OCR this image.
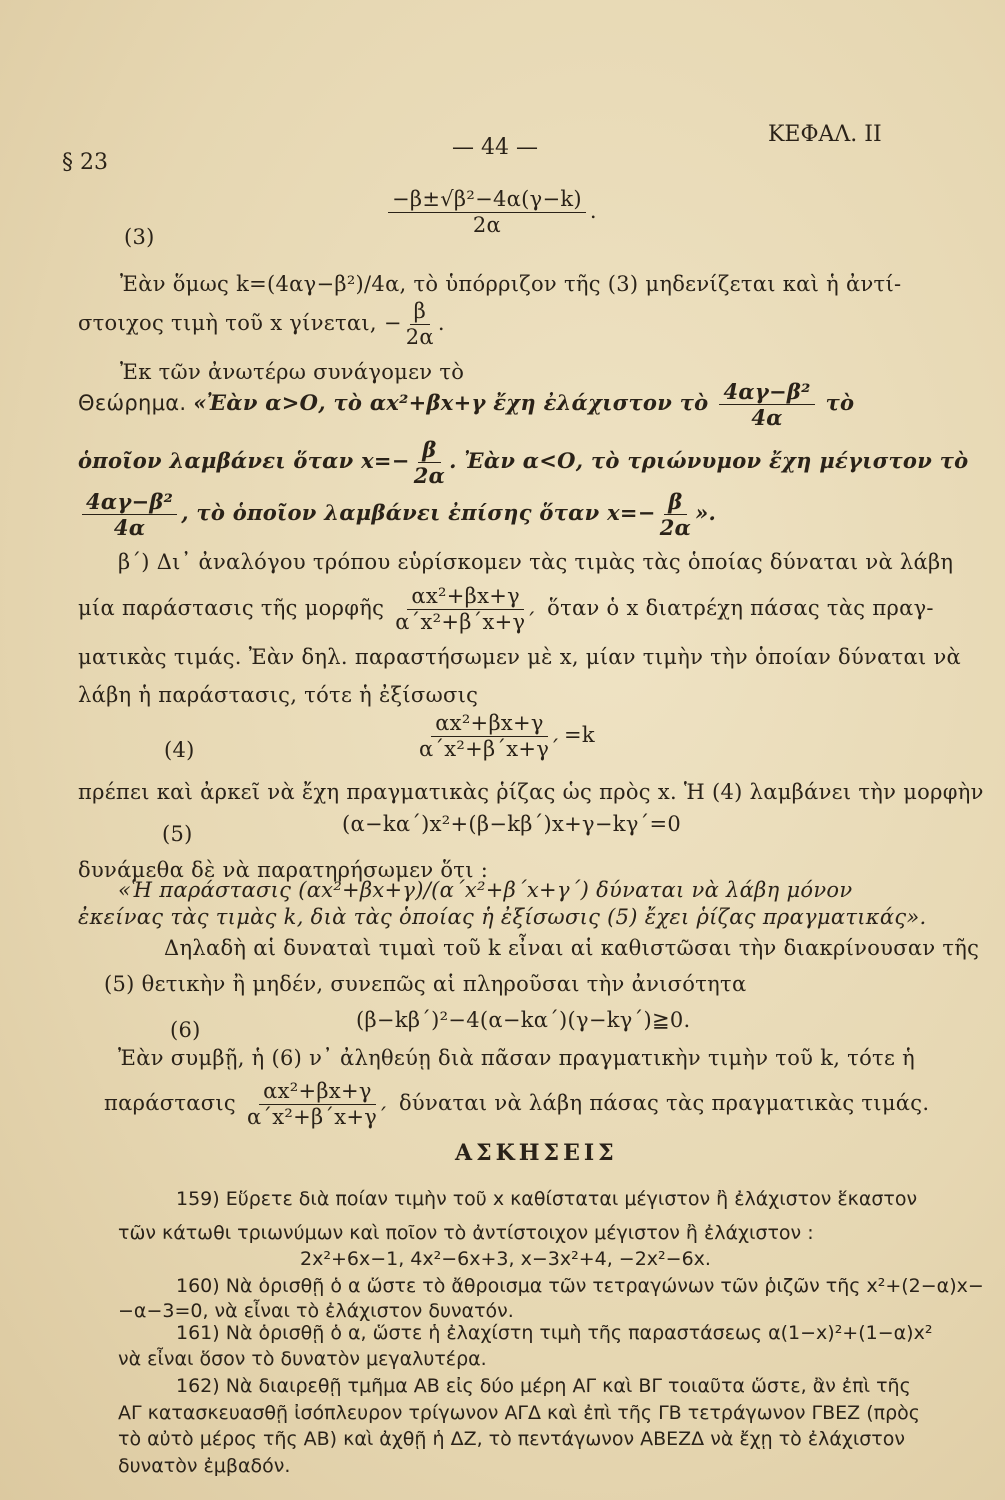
§ 23
— 44 —
ΚΕΦΑΛ. ΙΙ
(3)	$\frac{\text{−β±√β²−4α(γ−k)}}{2\alpha}$ .
Ἐὰν ὅμως k=(4αγ−β²)/4α, τὸ ὑπόρριζον τῆς (3) μηδενίζεται καὶ ἡ ἀντί-
στοιχος τιμὴ τοῦ x γίνεται, − $\frac{\beta}{2\alpha}$ .
Ἐκ τῶν ἀνωτέρω συνάγομεν τὸ
Θεώρημα. «Ἐὰν α>Ο, τὸ αx²+βx+γ ἔχη ἐλάχιστον τὸ $\frac{\text{4αγ−β²}}{4\alpha}$ τὸ
ὁποῖον λαμβάνει ὅταν $x=- \frac{\beta}{2\alpha}$ . Ἐὰν α<Ο, τὸ τριώνυμον ἔχη μέγιστον τὸ
$\frac{\text{4αγ−β²}}{4\alpha}$ , τὸ ὁποῖον λαμβάνει ἐπίσης ὅταν $x=- \frac{\beta}{2\alpha}$ ».
β΄) Δι᾽ ἀναλόγου τρόπου εὑρίσκομεν τὰς τιμὰς τὰς ὁποίας δύναται νὰ λάβη
μία παράστασις τῆς μορφῆς $\frac{\text{αx²+βx+γ}}{\text{α΄x²+β΄x+γ΄}}$ ὅταν ὁ x διατρέχη πάσας τὰς πραγ-
ματικὰς τιμάς. Ἐὰν δηλ. παραστήσωμεν μὲ x, μίαν τιμὴν τὴν ὁποίαν δύναται νὰ
λάβη ἡ παράστασις, τότε ἡ ἐξίσωσις
(4)	$\frac{\text{αx²+βx+γ}}{\text{α΄x²+β΄x+γ΄}} =k$
πρέπει καὶ ἀρκεῖ νὰ ἔχη πραγματικὰς ῥίζας ὡς πρὸς x. Ἡ (4) λαμβάνει τὴν μορφὴν
(5)	(α−kα΄)x²+(β−kβ΄)x+γ−kγ΄=0
δυνάμεθα δὲ νὰ παρατηρήσωμεν ὅτι :
«Ἡ παράστασις (αx²+βx+γ)/(α΄x²+β΄x+γ΄) δύναται νὰ λάβη μόνον
ἐκείνας τὰς τιμὰς k, διὰ τὰς ὁποίας ἡ ἐξίσωσις (5) ἔχει ῥίζας πραγματικάς».
Δηλαδὴ αἱ δυναταὶ τιμαὶ τοῦ k εἶναι αἱ καθιστῶσαι τὴν διακρίνουσαν τῆς
(5) θετικὴν ἢ μηδέν, συνεπῶς αἱ πληροῦσαι τὴν ἀνισότητα
(6)	(β−kβ΄)²−4(α−kα΄)(γ−kγ΄)≧0.
Ἐὰν συμβῇ, ἡ (6) ν᾽ ἀληθεύῃ διὰ πᾶσαν πραγματικὴν τιμὴν τοῦ k, τότε ἡ
παράστασις $\frac{\text{αx²+βx+γ}}{\text{α΄x²+β΄x+γ΄}}$ δύναται νὰ λάβη πάσας τὰς πραγματικὰς τιμάς.
ΑΣΚΗΣΕΙΣ
159) Εὕρετε διὰ ποίαν τιμὴν τοῦ x καθίσταται μέγιστον ἢ ἐλάχιστον ἕκαστον
τῶν κάτωθι τριωνύμων καὶ ποῖον τὸ ἀντίστοιχον μέγιστον ἢ ἐλάχιστον :
2x²+6x−1, 4x²−6x+3, x−3x²+4, −2x²−6x.
160) Νὰ ὁρισθῇ ὁ α ὥστε τὸ ἄθροισμα τῶν τετραγώνων τῶν ῥιζῶν τῆς x²+(2−α)x−
−α−3=0, νὰ εἶναι τὸ ἐλάχιστον δυνατόν.
161) Νὰ ὁρισθῇ ὁ α, ὥστε ἡ ἐλαχίστη τιμὴ τῆς παραστάσεως α(1−x)²+(1−α)x²
νὰ εἶναι ὅσον τὸ δυνατὸν μεγαλυτέρα.
162) Νὰ διαιρεθῇ τμῆμα ΑΒ εἰς δύο μέρη ΑΓ καὶ ΒΓ τοιαῦτα ὥστε, ἂν ἐπὶ τῆς
ΑΓ κατασκευασθῇ ἰσόπλευρον τρίγωνον ΑΓΔ καὶ ἐπὶ τῆς ΓΒ τετράγωνον ΓΒΕΖ (πρὸς
τὸ αὐτὸ μέρος τῆς ΑΒ) καὶ ἀχθῇ ἡ ΔΖ, τὸ πεντάγωνον ΑΒΕΖΔ νὰ ἔχῃ τὸ ἐλάχιστον
δυνατὸν ἐμβαδόν.
